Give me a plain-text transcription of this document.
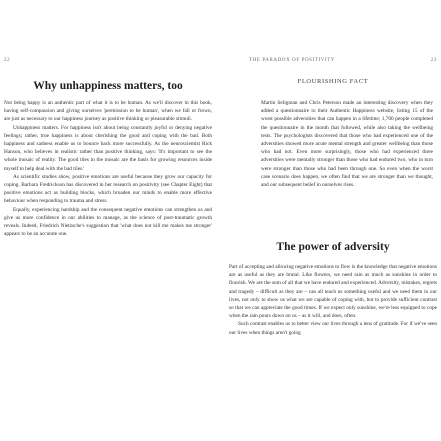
22
Why unhappiness matters, too

Not being happy is an authentic part of what it is to be human. As we'll discover in this book, having self-compassion and giving ourselves 'permission to be human', when we fall or frown, are just as necessary to our happiness journey as positive thinking or pleasurable stimuli.

Unhappiness matters. For happiness isn't about being constantly joyful or denying negative feelings; rather, true happiness is about cherishing the good and coping with the bad. Both happiness and sadness enable us to bounce back more successfully. As the neuroscientist Rick Hanson, who believes in realistic rather than positive thinking, says: 'It's important to see the whole mosaic of reality. The good tiles in the mosaic are the basis for growing resources inside myself to help deal with the bad tiles.'

As scientific studies show, positive emotions are useful because they grow our capacity for coping. Barbara Fredrickson has discovered in her research on positivity (see Chapter Eight) that positive emotions act as building blocks, which broaden our minds to enable more effective behaviour when responding to trauma and stress.

Equally, experiencing hardship and the consequent negative emotions can strengthen us and give us more confidence in our abilities to manage, as the science of post-traumatic growth reveals. Indeed, Friedrich Nietzsche's suggestion that 'what does not kill me makes me stronger' appears to be an accurate one.

THE PARADOX OF POSITIVITY	23
FLOURISHING FACT

Martin Seligman and Chris Peterson made an interesting discovery when they added a questionnaire to their Authentic Happiness website, listing 15 of the worst possible adversities that can happen in a lifetime; 1,700 people completed the questionnaire in the month that followed, while also taking the wellbeing tests. The psychologists discovered that those who had experienced one of the adversities showed more acute mental strength and greater wellbeing than those who had not. Even more surprisingly, those who had experienced three adversities were mentally stronger than those who had endured two, who in turn were stronger than those who had been through one. So even when the worst case scenario does happen, we often find that we are stronger than we thought, and our subsequent belief in ourselves rises.

The power of adversity

Part of accepting and allowing negative emotions to flow is the knowledge that negative emotions are as useful as they are brutal. Like flowers, we need rain as much as sunshine in order to flourish. We are the sum of all that we have endured and experienced. Adversity, mistakes, regrets and tragedy – difficult as they are – can all teach us something useful and we need them in our lives, not only to show us what we are capable of coping with, but to provide sufficient contrast so that we can appreciate the good times. If we expect only sunshine, we're less equipped to cope when the rain pours down on us – as it will, and does, often.

Such contrast enables us to better view our lives through a lens of gratitude. For if we've seen our lives when things aren't going
